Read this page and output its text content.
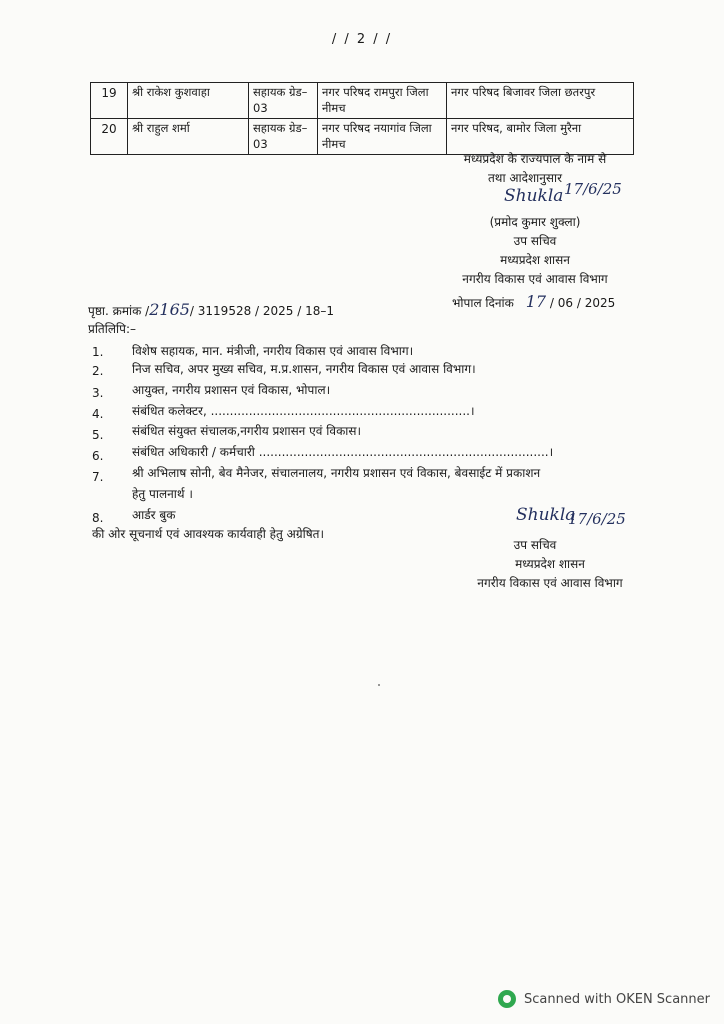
/ / 2 / /
19	श्री राकेश कुशवाहा	सहायक ग्रेड–03	नगर परिषद रामपुरा जिला नीमच	नगर परिषद बिजावर जिला छतरपुर
20	श्री राहुल शर्मा	सहायक ग्रेड–03	नगर परिषद नयागांव जिला नीमच	नगर परिषद, बामोर जिला मुरैना
मध्यप्रदेश के राज्यपाल के नाम से
तथा आदेशानुसार
Shukla 17/6/25
(प्रमोद कुमार शुक्ला)
उप सचिव
मध्यप्रदेश शासन
नगरीय विकास एवं आवास विभाग
पृष्ठा. क्रमांक /2165/ 3119528 / 2025 / 18–1
भोपाल दिनांक 17 / 06 / 2025
प्रतिलिपि:–
1. विशेष सहायक, मान. मंत्रीजी, नगरीय विकास एवं आवास विभाग।
2. निज सचिव, अपर मुख्य सचिव, म.प्र.शासन, नगरीय विकास एवं आवास विभाग।
3. आयुक्त, नगरीय प्रशासन एवं विकास, भोपाल।
4. संबंधित कलेक्टर, ....................................................................।
5. संबंधित संयुक्त संचालक,नगरीय प्रशासन एवं विकास।
6. संबंधित अधिकारी / कर्मचारी ............................................................................।
7. श्री अभिलाष सोनी, बेव मैनेजर, संचालनालय, नगरीय प्रशासन एवं विकास, बेवसाईट में प्रकाशन
हेतु पालनार्थ ।
8. आर्डर बुक
की ओर सूचनार्थ एवं आवश्यक कार्यवाही हेतु अग्रेषित।
Shukla
17/6/25
उप सचिव
मध्यप्रदेश शासन
नगरीय विकास एवं आवास विभाग
Scanned with OKEN Scanner
